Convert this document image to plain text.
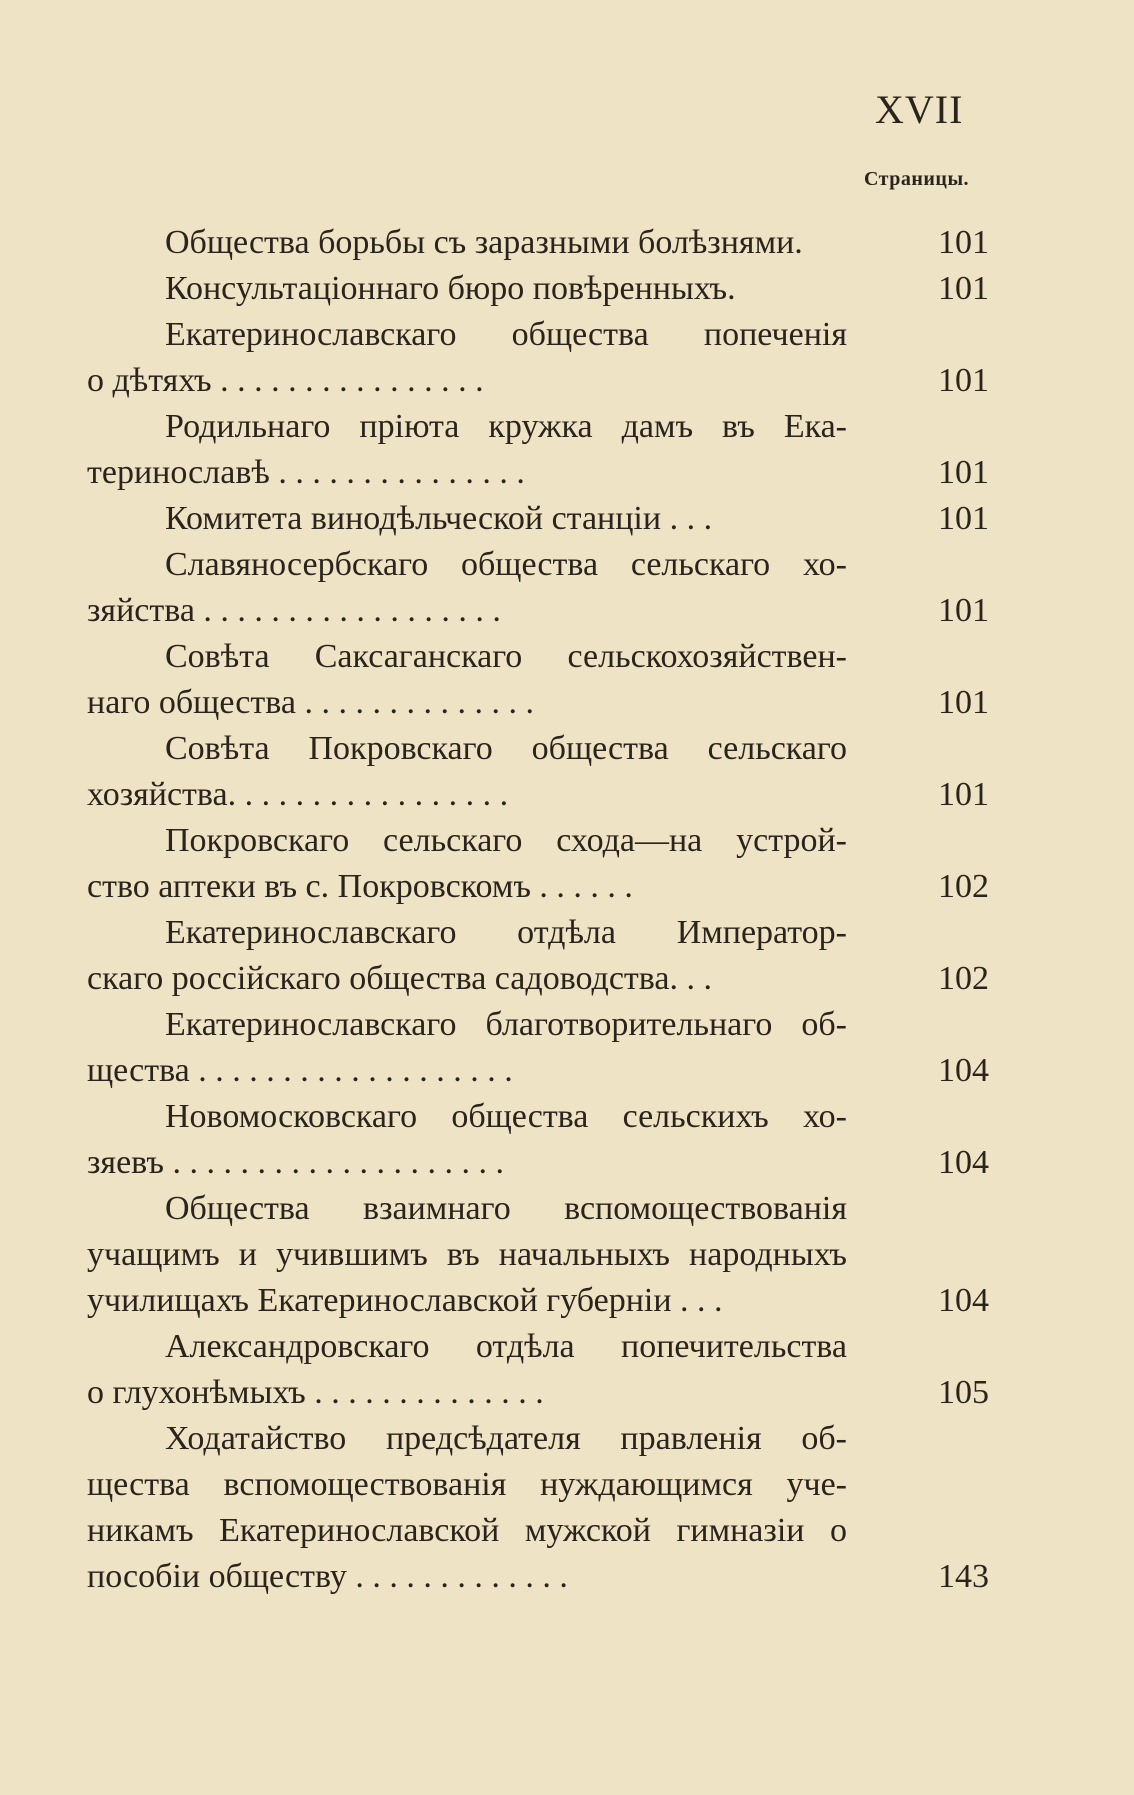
XVII
Страницы.
Общества борьбы съ заразными болѣзнями.	101
Консультаціоннаго бюро повѣренныхъ.	101
Екатеринославскаго общества попеченія
о дѣтяхъ . . . . . . . . . . . . . . . .	101
Родильнаго пріюта кружка дамъ въ Ека-
теринославѣ . . . . . . . . . . . . . . .	101
Комитета винодѣльческой станціи . . .	101
Славяносербскаго общества сельскаго хо-
зяйства . . . . . . . . . . . . . . . . . .	101
Совѣта Саксаганскаго сельскохозяйствен-
наго общества . . . . . . . . . . . . . .	101
Совѣта Покровскаго общества сельскаго
хозяйства. . . . . . . . . . . . . . . . .	101
Покровскаго сельскаго схода—на устрой-
ство аптеки въ с. Покровскомъ . . . . . .	102
Екатеринославскаго отдѣла Император-
скаго россійскаго общества садоводства. . .	102
Екатеринославскаго благотворительнаго об-
щества . . . . . . . . . . . . . . . . . . .	104
Новомосковскаго общества сельскихъ хо-
зяевъ . . . . . . . . . . . . . . . . . . . .	104
Общества взаимнаго вспомоществованія
учащимъ и учившимъ въ начальныхъ народныхъ
училищахъ Екатеринославской губерніи . . .	104
Александровскаго отдѣла попечительства
о глухонѣмыхъ . . . . . . . . . . . . . .	105
Ходатайство предсѣдателя правленія об-
щества вспомоществованія нуждающимся уче-
никамъ Екатеринославской мужской гимназіи о
пособіи обществу . . . . . . . . . . . . .	143
